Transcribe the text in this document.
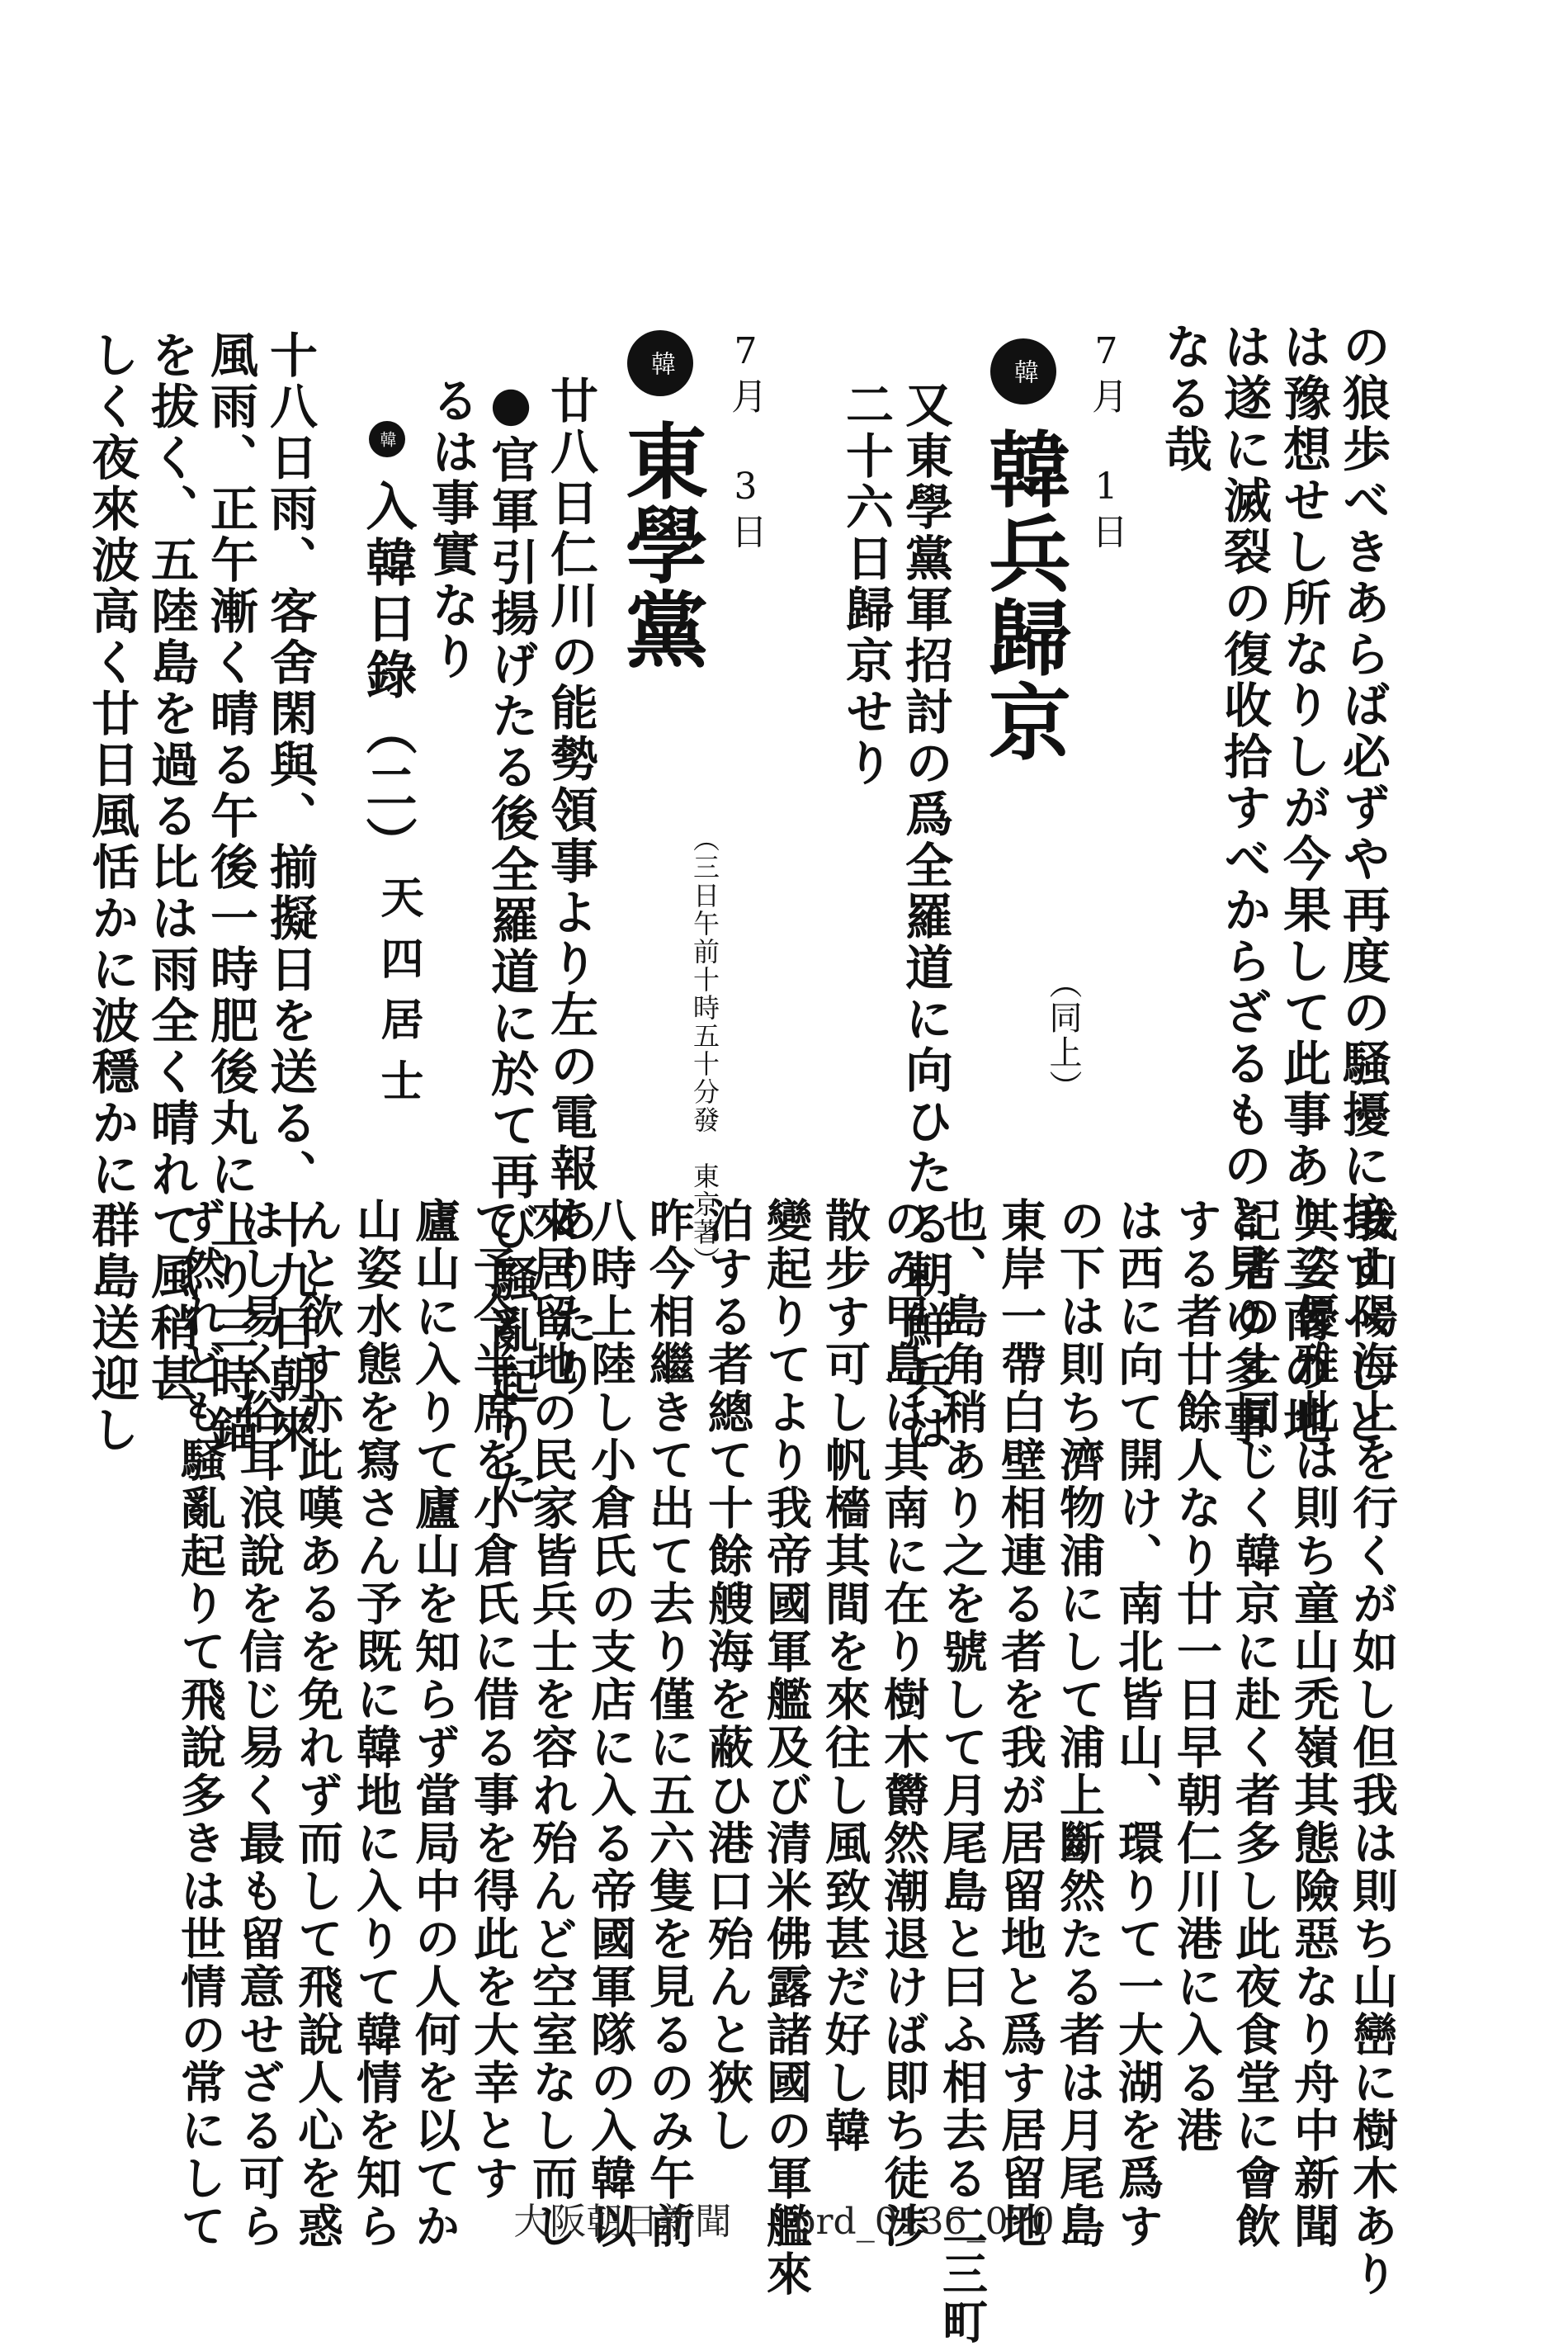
の狼歩べきあらば必ずや再度の騒擾に接すべしと
は豫想せし所なりしが今果して此事あり三南の地
は遂に滅裂の復收拾すべからざるものと見ゆ多事
なる哉
7月 1日
韓 韓兵歸京
（同上）
又東學黨軍招討の爲全羅道に向ひたる朝鮮兵は
二十六日歸京せり
7月 3日
韓 東學黨
（三日午前十時五十分發　東京著）
廿八日仁川の能勢領事より左の電報ありたり
●官軍引揚げたる後全羅道に於て再び騒亂起りた
るは事實なり
韓 入韓日錄（二）
天四居士
十八日雨、客舍閑與、揃擬日を送る、十九日朝來
風雨、正午漸く晴る午後一時肥後丸に上り三時錨
を拔く、五陸島を過る比は雨全く晴れて風稍甚
しく夜來波高く廿日風恬かに波穩かに群島送迎し
我山陽海上を行くが如し但我は則ち山巒に樹木あり
其姿優雅此は則ち童山禿嶺其態險惡なり舟中新聞
記者の士同じく韓京に赴く者多し此夜食堂に會飲
する者廿餘人なり廿一日早朝仁川港に入る港
は西に向て開け、南北皆山、環りて一大湖を爲す
の下は則ち濟物浦にして浦上斷然たる者は月尾島
東岸一帶白壁相連る者を我が居留地と爲す居留地
也、島角稍あり之を號して月尾島と曰ふ相去る二三町
のみ甲島は其南に在り樹木欝然潮退けば即ち徒渉
散步す可し帆檣其間を來往し風致甚だ好し韓
變起りてより我帝國軍艦及び清米佛露諸國の軍艦來
泊する者總て十餘艘海を蔽ひ港口殆んと狹し
昨今相繼きて出て去り僅に五六隻を見るのみ午前
八時上陸し小倉氏の支店に入る帝國軍隊の入韓以
來居留地の民家皆兵士を容れ殆んど空室なし而し
て予今半席を小倉氏に借る事を得此を大幸とす
廬山に入りて廬山を知らず當局中の人何を以てか
山姿水態を寫さん予既に韓地に入りて韓情を知ら
んと欲す亦此嘆あるを免れず而して飛說人心を惑
はし易く俗耳浪說を信じ易く最も留意せざる可ら
ず然れども騒亂起りて飛說多きは世情の常にして	大阪朝日新聞 prd_0136_070
